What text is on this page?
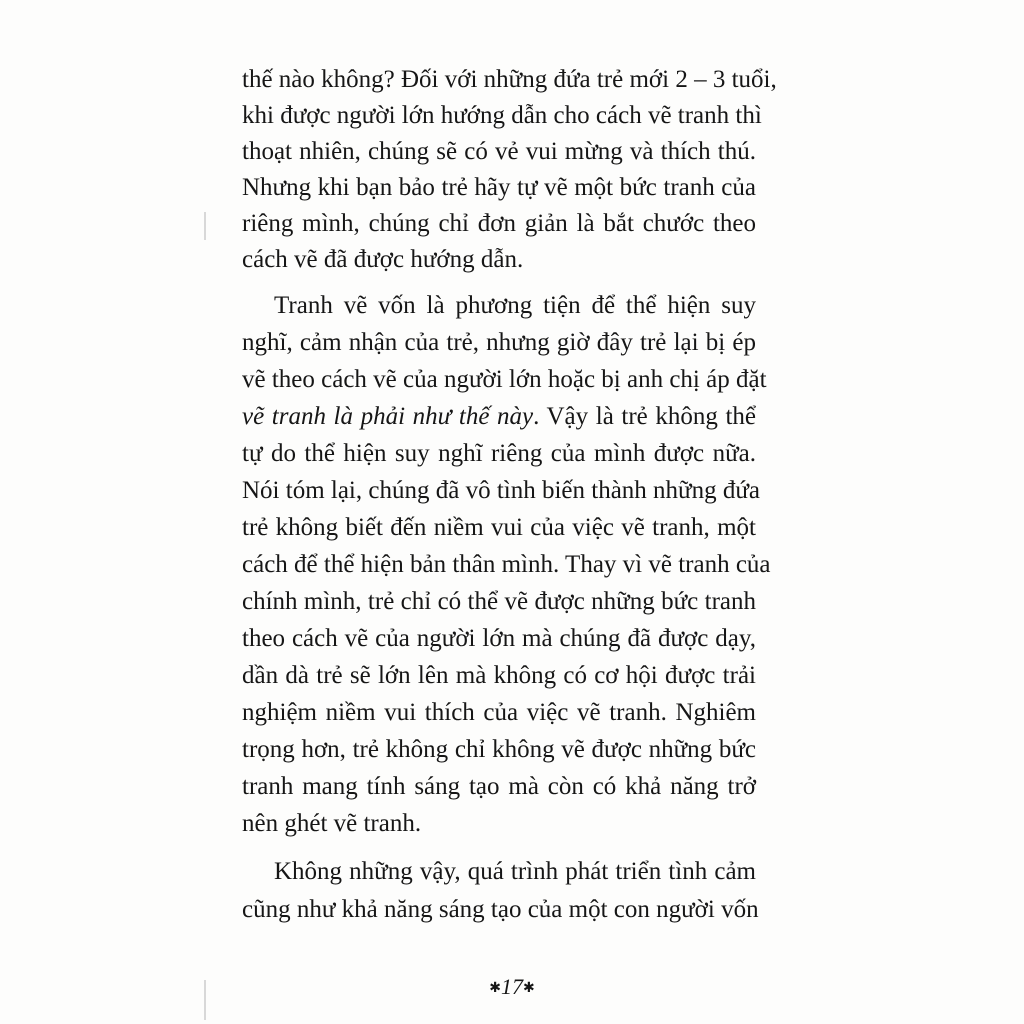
thế nào không? Đối với những đứa trẻ mới 2 – 3 tuổi,
khi được người lớn hướng dẫn cho cách vẽ tranh thì
thoạt nhiên, chúng sẽ có vẻ vui mừng và thích thú.
Nhưng khi bạn bảo trẻ hãy tự vẽ một bức tranh của
riêng mình, chúng chỉ đơn giản là bắt chước theo
cách vẽ đã được hướng dẫn.
Tranh vẽ vốn là phương tiện để thể hiện suy
nghĩ, cảm nhận của trẻ, nhưng giờ đây trẻ lại bị ép
vẽ theo cách vẽ của người lớn hoặc bị anh chị áp đặt
vẽ tranh là phải như thế này. Vậy là trẻ không thể
tự do thể hiện suy nghĩ riêng của mình được nữa.
Nói tóm lại, chúng đã vô tình biến thành những đứa
trẻ không biết đến niềm vui của việc vẽ tranh, một
cách để thể hiện bản thân mình. Thay vì vẽ tranh của
chính mình, trẻ chỉ có thể vẽ được những bức tranh
theo cách vẽ của người lớn mà chúng đã được dạy,
dần dà trẻ sẽ lớn lên mà không có cơ hội được trải
nghiệm niềm vui thích của việc vẽ tranh. Nghiêm
trọng hơn, trẻ không chỉ không vẽ được những bức
tranh mang tính sáng tạo mà còn có khả năng trở
nên ghét vẽ tranh.
Không những vậy, quá trình phát triển tình cảm
cũng như khả năng sáng tạo của một con người vốn
✱17✱
